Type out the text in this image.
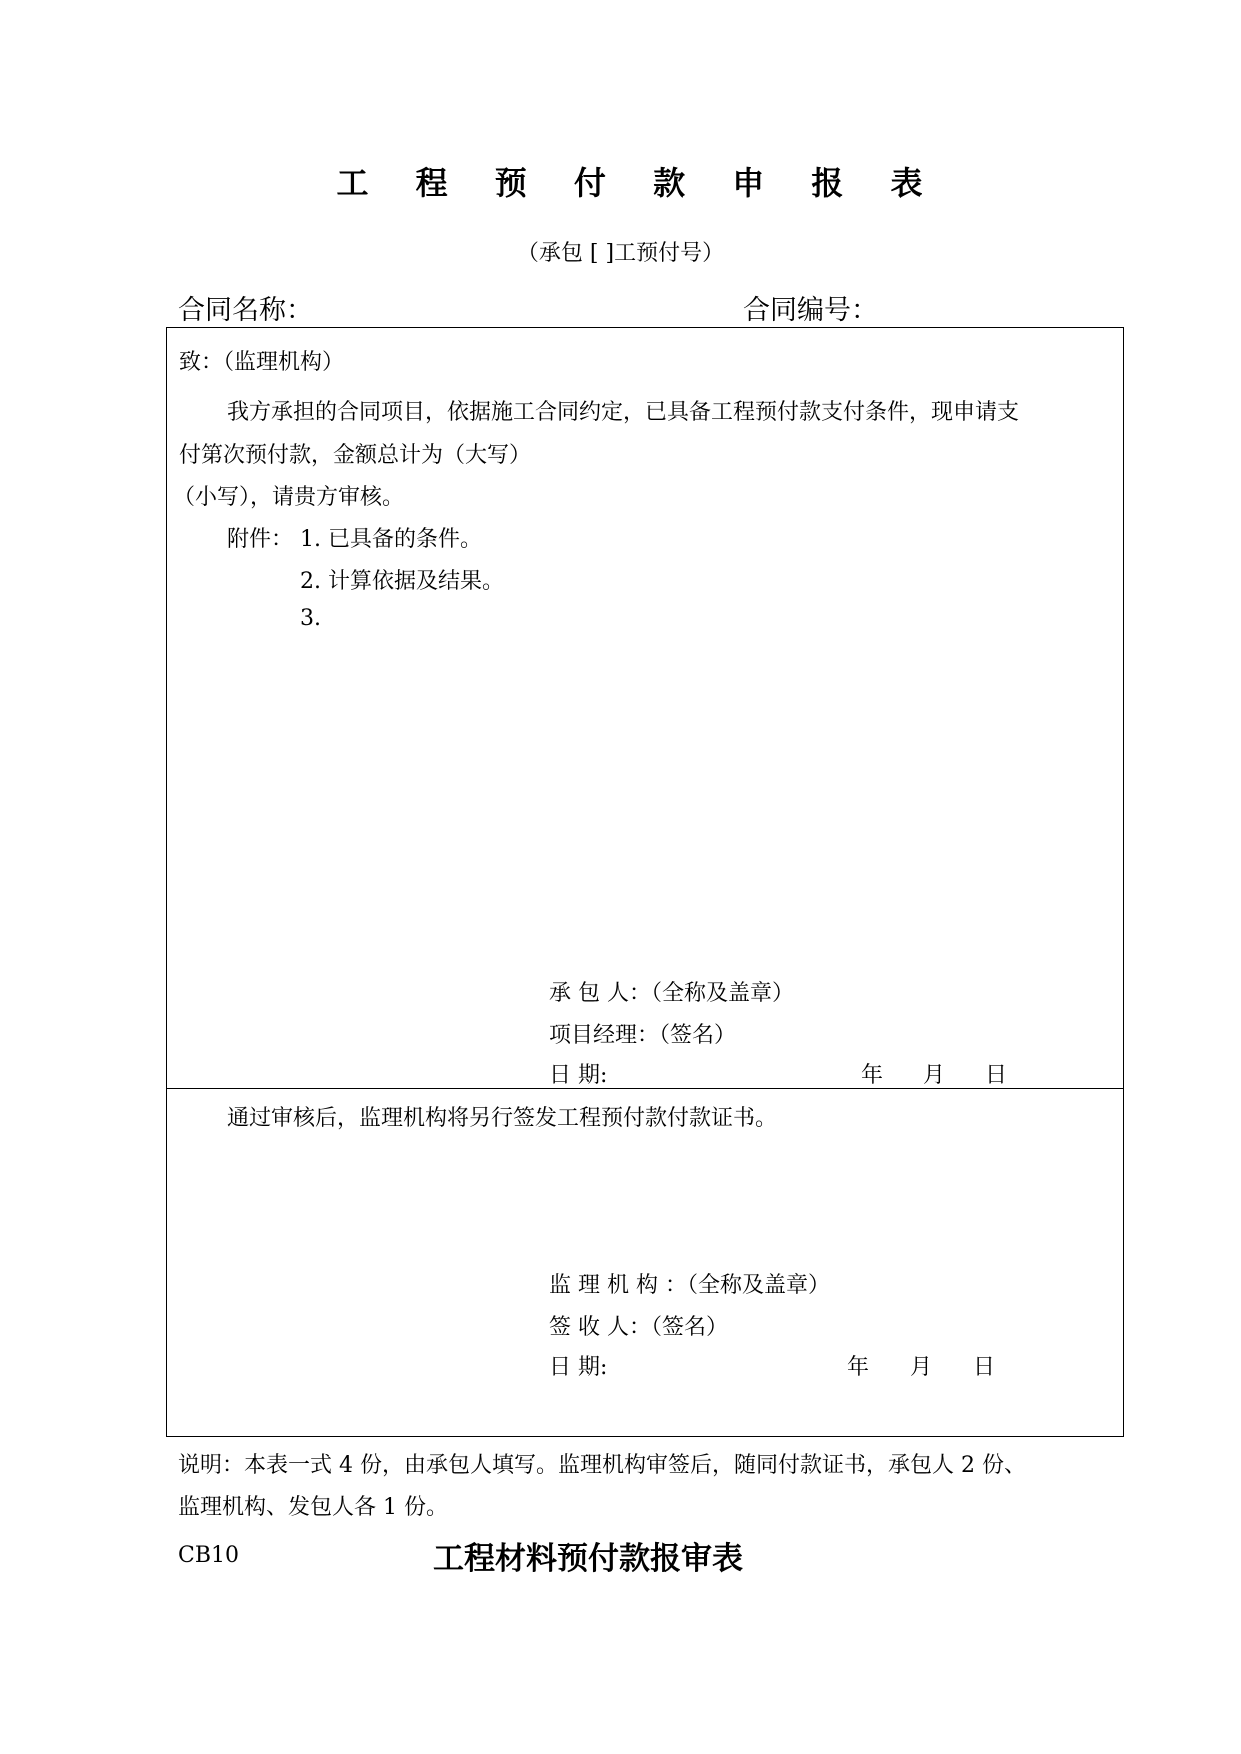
工 程 预 付 款 申 报 表
（承包 [ ]工预付号）
合同名称：	合同编号：
致：（监理机构）
我方承担的合同项目，依据施工合同约定，已具备工程预付款支付条件，现申请支
付第次预付款，金额总计为（大写）
（小写），请贵方审核。
附件： 1. 已具备的条件。
2. 计算依据及结果。
3.
承 包 人：（全称及盖章）
项目经理：（签名）
日 期:	年 月 日
通过审核后，监理机构将另行签发工程预付款付款证书。
监 理 机 构 ：（全称及盖章）
签 收 人：（签名）
日 期:	年 月 日
说明：本表一式 4 份，由承包人填写。监理机构审签后，随同付款证书，承包人 2 份、
监理机构、发包人各 1 份。
CB10	工程材料预付款报审表
